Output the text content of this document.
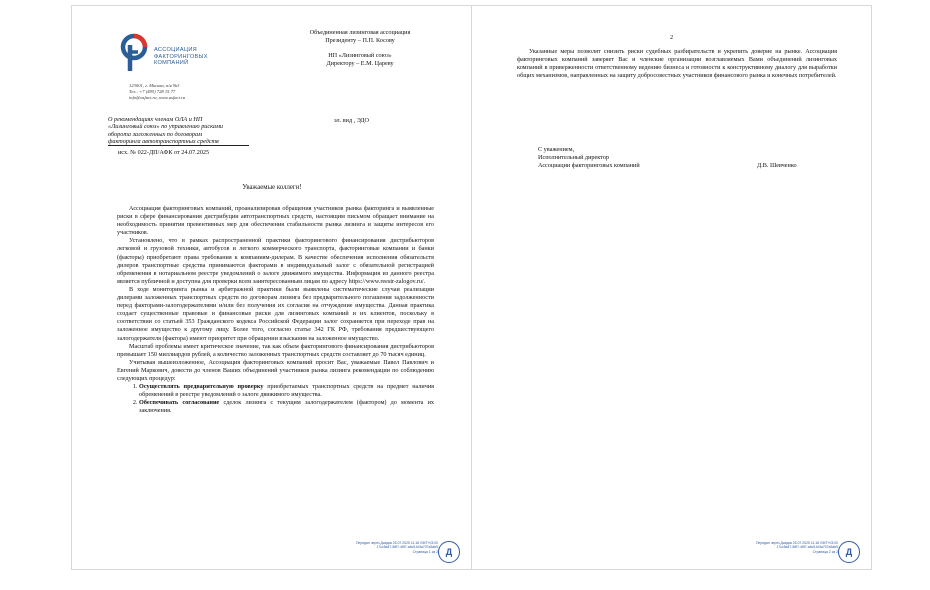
АССОЦИАЦИЯ
ФАКТОРИНГОВЫХ
КОМПАНИЙ
123001, г. Москва, а/я №3
Тел.: +7 (495) 728 15 77
info@asfact.ru, www.asfact.ru
Объединенная лизинговая ассоциация
Президенту – П.П. Косову
НП «Лизинговый союз»
Директору – Е.М. Цареву
О рекомендациях членам ОЛА и НП
«Лизинговый союз» по управлению рисками
оборота заложенных по договорам
факторинга автотранспортных средств
исх. № 022-ДП/АФК от 24.07.2025
эл. вид , ЭДО
Уважаемые коллеги!

Ассоциация факторинговых компаний, проанализировав обращения участников рынка факторинга и выявленные риски в сфере финансирования дистрибуции автотранспортных средств, настоящим письмом обращает внимание на необходимость принятия превентивных мер для обеспечения стабильности рынка лизинга и защиты интересов его участников.

Установлено, что в рамках распространенной практики факторингового финансирования дистрибьюторов легковой и грузовой техники, автобусов и легкого коммерческого транспорта, факторинговые компании и банки (факторы) приобретают права требования к компаниям-дилерам. В качестве обеспечения исполнения обязательств дилеров транспортные средства принимаются факторами в индивидуальный залог с обязательной регистрацией обременения в нотариальном реестре уведомлений о залоге движимого имущества. Информация из данного реестра является публичной и доступна для проверки всем заинтересованным лицам по адресу https://www.reestr-zalogov.ru/.

В ходе мониторинга рынка и арбитражной практики были выявлены систематические случаи реализации дилерами заложенных транспортных средств по договорам лизинга без предварительного погашения задолженности перед факторами-залогодержателями и/или без получения их согласия на отчуждение имущества. Данная практика создает существенные правовые и финансовые риски для лизинговых компаний и их клиентов, поскольку в соответствии со статьей 353 Гражданского кодекса Российской Федерации залог сохраняется при переходе прав на заложенное имущество к другому лицу. Более того, согласно статье 342 ГК РФ, требования предшествующего залогодержателя (фактора) имеют приоритет при обращении взыскания на заложенное имущество.

Масштаб проблемы имеет критическое значение, так как объем факторингового финансирования дистрибьюторов превышает 150 миллиардов рублей, а количество заложенных транспортных средств составляет до 70 тысяч единиц.

Учитывая вышеизложенное, Ассоциация факторинговых компаний просит Вас, уважаемые Павел Павлович и Евгений Маркович, довести до членов Ваших объединений участников рынка лизинга рекомендации по соблюдению следующих процедур:

1. Осуществлять предварительную проверку приобретаемых транспортных средств на предмет наличия обременений в реестре уведомлений о залоге движимого имущества.
2. Обеспечивать согласование сделок лизинга с текущим залогодержателем (фактором) до момента их заключения.
Передан через Диадок 25.07.2025 11:18 GMT+03:00
17cc5a47-58f7-46f7-abc9-bf4a707a5ab5
Страница 1 из 2 Д
2

Указанные меры позволят снизить риски судебных разбирательств и укрепить доверие на рынке. Ассоциация факторинговых компаний заверяет Вас и членские организации возглавляемых Вами объединений лизинговых компаний в приверженности ответственному ведению бизнеса и готовности к конструктивному диалогу для выработки общих механизмов, направленных на защиту добросовестных участников финансового рынка и конечных потребителей.

С уважением,
Исполнительный директор
Ассоциации факторинговых компаний	Д.В. Шевченко
Передан через Диадок 25.07.2025 11:18 GMT+03:00
17cc5a47-58f7-46f7-abc9-bf4a707a5ab5
Страница 2 из 2 Д
